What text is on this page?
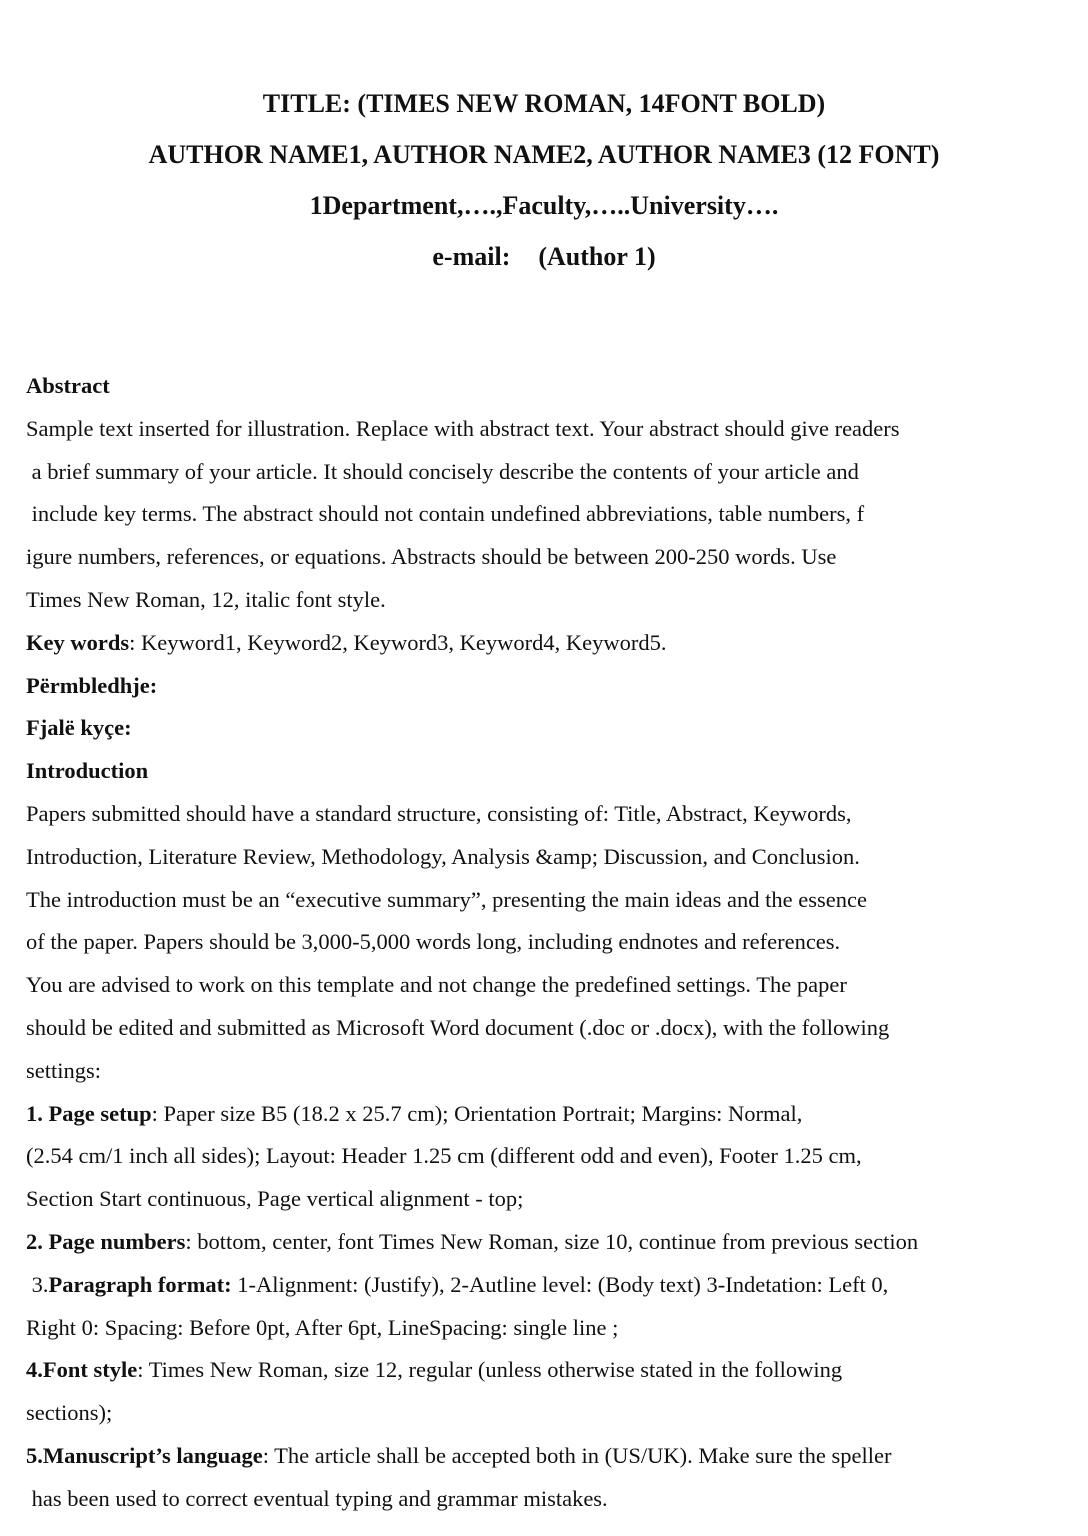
TITLE: (TIMES NEW ROMAN, 14FONT BOLD)
AUTHOR NAME1, AUTHOR NAME2, AUTHOR NAME3 (12 FONT)
1Department,….,Faculty,…..University….
e-mail: (Author 1)
Abstract
Sample text inserted for illustration. Replace with abstract text. Your abstract should give readers
a brief summary of your article. It should concisely describe the contents of your article and
include key terms. The abstract should not contain undefined abbreviations, table numbers, f
igure numbers, references, or equations. Abstracts should be between 200-250 words. Use
Times New Roman, 12, italic font style.
Key words: Keyword1, Keyword2, Keyword3, Keyword4, Keyword5.
Përmbledhje:
Fjalë kyçe:
Introduction
Papers submitted should have a standard structure, consisting of: Title, Abstract, Keywords,
Introduction, Literature Review, Methodology, Analysis &amp; Discussion, and Conclusion.
The introduction must be an “executive summary”, presenting the main ideas and the essence
of the paper. Papers should be 3,000-5,000 words long, including endnotes and references.
You are advised to work on this template and not change the predefined settings. The paper
should be edited and submitted as Microsoft Word document (.doc or .docx), with the following
settings:
1. Page setup: Paper size B5 (18.2 x 25.7 cm); Orientation Portrait; Margins: Normal,
(2.54 cm/1 inch all sides); Layout: Header 1.25 cm (different odd and even), Footer 1.25 cm,
Section Start continuous, Page vertical alignment - top;
2. Page numbers: bottom, center, font Times New Roman, size 10, continue from previous section
3.Paragraph format: 1-Alignment: (Justify), 2-Autline level: (Body text) 3-Indetation: Left 0,
Right 0: Spacing: Before 0pt, After 6pt, LineSpacing: single line ;
4.Font style: Times New Roman, size 12, regular (unless otherwise stated in the following
sections);
5.Manuscript’s language: The article shall be accepted both in (US/UK). Make sure the speller
has been used to correct eventual typing and grammar mistakes.
